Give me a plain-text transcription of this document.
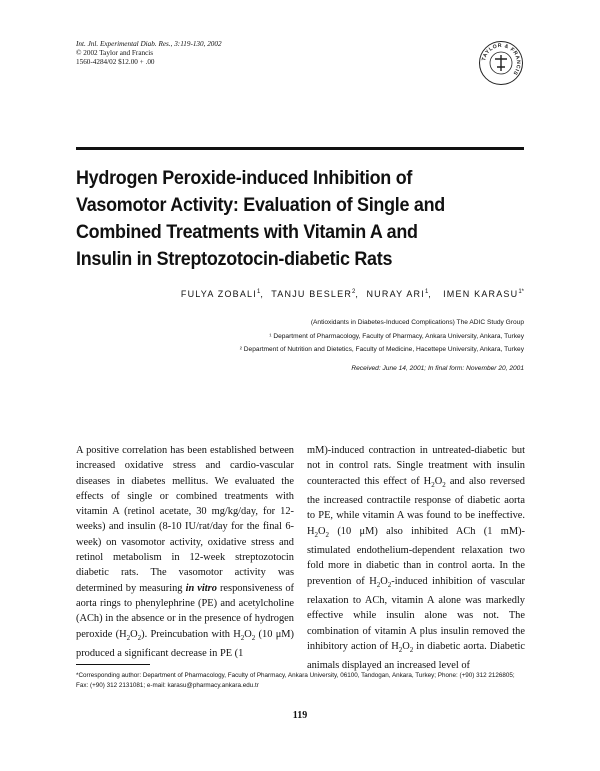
Int. Jnl. Experimental Diab. Res., 3:119-130, 2002
© 2002 Taylor and Francis
1560-4284/02 $12.00 + .00	TAYLOR & FRANCIS
Hydrogen Peroxide-induced Inhibition of Vasomotor Activity: Evaluation of Single and Combined Treatments with Vitamin A and Insulin in Streptozotocin-diabetic Rats
FULYA ZOBALI$^1$,  TANJU BESLER$^2$,  NURAY ARI$^1$,   IMEN $KARASU^{1*}$
(Antioxidants in Diabetes-Induced Complications) The ADIC Study Group
¹ Department of Pharmacology, Faculty of Pharmacy, Ankara University, Ankara, Turkey
² Department of Nutrition and Dietetics, Faculty of Medicine, Hacettepe University, Ankara, Turkey
Received: June 14, 2001; In final form: November 20, 2001
A positive correlation has been established between increased oxidative stress and cardio-vascular diseases in diabetes mellitus. We evaluated the effects of single or combined treatments with vitamin A (retinol acetate, 30 mg/kg/day, for 12-weeks) and insulin (8-10 IU/rat/day for the final 6-week) on vasomotor activity, oxidative stress and retinol metabolism in 12-week streptozotocin diabetic rats. The vasomotor activity was determined by measuring in vitro responsiveness of aorta rings to phenylephrine (PE) and acetylcholine (ACh) in the absence or in the presence of hydrogen peroxide $(H_2O_2)$. Preincubation with $H_2O_2$ (10 μM) produced a significant decrease in PE (1
mM)-induced contraction in untreated-diabetic but not in control rats. Single treatment with insulin counteracted this effect of $H_2O_2$ and also reversed the increased contractile response of diabetic aorta to PE, while vitamin A was found to be ineffective. $H_2O_2$ (10 μM) also inhibited ACh (1 mM)-stimulated endothelium-dependent relaxation two fold more in diabetic than in control aorta. In the prevention of $H_2O_2$-induced inhibition of vascular relaxation to ACh, vitamin A alone was markedly effective while insulin alone was not. The combination of vitamin A plus insulin removed the inhibitory action of $H_2O_2$ in diabetic aorta. Diabetic animals displayed an increased level of
*Corresponding author: Department of Pharmacology, Faculty of Pharmacy, Ankara University, 06100, Tandogan, Ankara, Turkey; Phone: (+90) 312 2126805; Fax: (+90) 312 2131081; e-mail: karasu@pharmacy.ankara.edu.tr
119
